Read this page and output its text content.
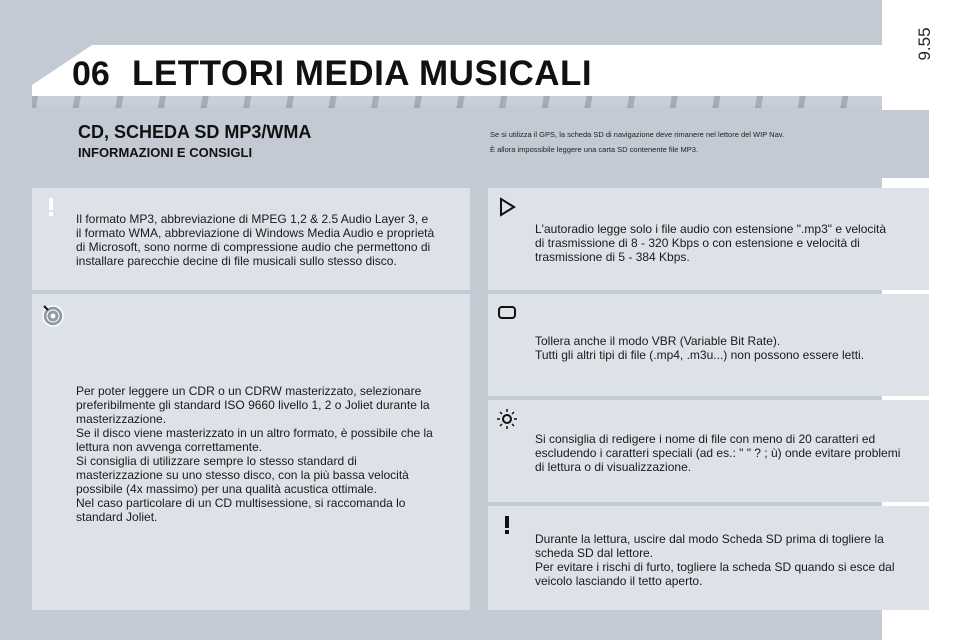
9.55
06 LETTORI MEDIA MUSICALI
CD, SCHEDA SD MP3/WMA
INFORMAZIONI E CONSIGLI
Se si utilizza il GPS, la scheda SD di navigazione deve rimanere nel lettore del WIP Nav.
È allora impossibile leggere una carta SD contenente file MP3.

Il formato MP3, abbreviazione di MPEG 1,2 & 2.5 Audio Layer 3, e
il formato WMA, abbreviazione di Windows Media Audio e proprietà
di Microsoft, sono norme di compressione audio che permettono di
installare parecchie decine di file musicali sullo stesso disco.

L'autoradio legge solo i file audio con estensione ".mp3" e velocità
di trasmissione di 8 - 320 Kbps o con estensione e velocità di
trasmissione di 5 - 384 Kbps.

Per poter leggere un CDR o un CDRW masterizzato, selezionare
preferibilmente gli standard ISO 9660 livello 1, 2 o Joliet durante la
masterizzazione.
Se il disco viene masterizzato in un altro formato, è possibile che la
lettura non avvenga correttamente.
Si consiglia di utilizzare sempre lo stesso standard di
masterizzazione su uno stesso disco, con la più bassa velocità
possibile (4x massimo) per una qualità acustica ottimale.
Nel caso particolare di un CD multisessione, si raccomanda lo
standard Joliet.

Tollera anche il modo VBR (Variable Bit Rate).
Tutti gli altri tipi di file (.mp4, .m3u...) non possono essere letti.

Si consiglia di redigere i nome di file con meno di 20 caratteri ed
escludendo i caratteri speciali (ad es.: " " ? ; ù) onde evitare problemi
di lettura o di visualizzazione.

Durante la lettura, uscire dal modo Scheda SD prima di togliere la
scheda SD dal lettore.
Per evitare i rischi di furto, togliere la scheda SD quando si esce dal
veicolo lasciando il tetto aperto.
